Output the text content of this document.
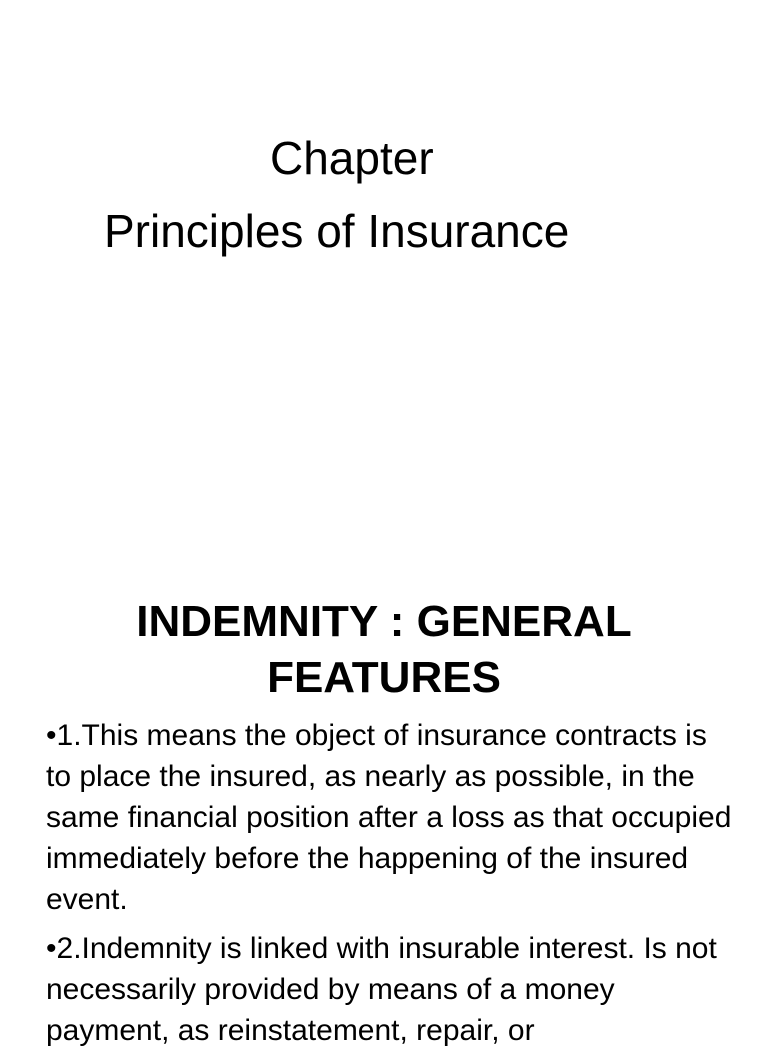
Chapter
Principles of Insurance
INDEMNITY : GENERAL
FEATURES
•1.This means the object of insurance contracts is to place the insured, as nearly as possible, in the same financial position after a loss as that occupied immediately before the happening of the insured event.
•2.Indemnity is linked with insurable interest. Is not necessarily provided by means of a money payment, as reinstatement, repair, or
